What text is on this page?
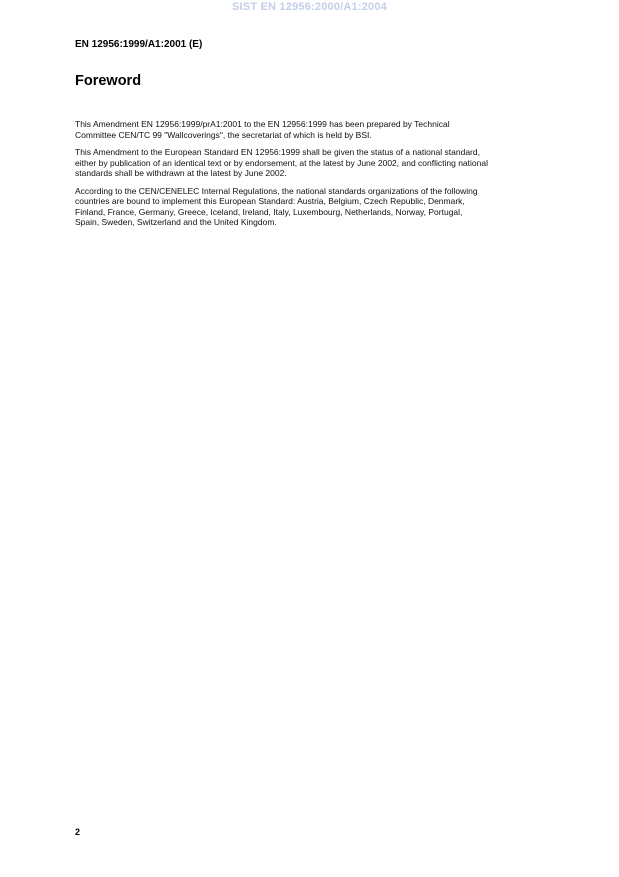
SIST EN 12956:2000/A1:2004
EN 12956:1999/A1:2001 (E)
Foreword

This Amendment EN 12956:1999/prA1:2001 to the EN 12956:1999 has been prepared by Technical
Committee CEN/TC 99 "Wallcoverings", the secretariat of which is held by BSI.

This Amendment to the European Standard EN 12956:1999 shall be given the status of a national standard,
either by publication of an identical text or by endorsement, at the latest by June 2002, and conflicting national
standards shall be withdrawn at the latest by June 2002.

According to the CEN/CENELEC Internal Regulations, the national standards organizations of the following
countries are bound to implement this European Standard: Austria, Belgium, Czech Republic, Denmark,
Finland, France, Germany, Greece, Iceland, Ireland, Italy, Luxembourg, Netherlands, Norway, Portugal,
Spain, Sweden, Switzerland and the United Kingdom.

2
